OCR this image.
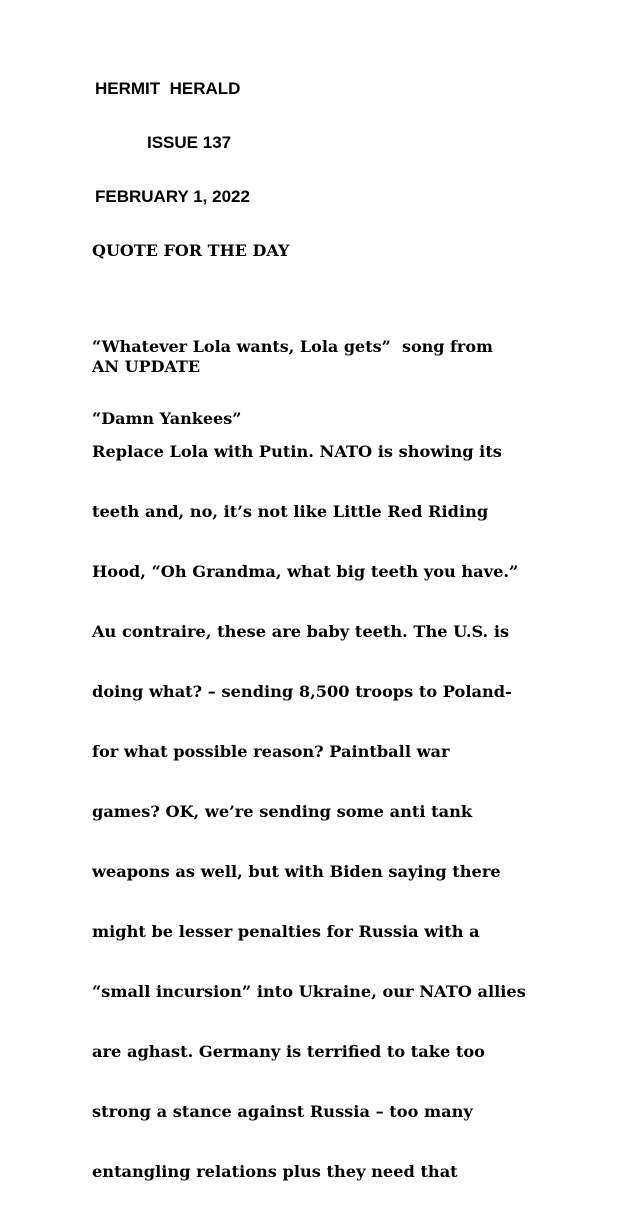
HERMIT  HERALD
ISSUE 137
FEBRUARY 1, 2022
QUOTE FOR THE DAY

“Whatever Lola wants, Lola gets”  song from

“Damn Yankees”

AN UPDATE

Replace Lola with Putin. NATO is showing its

teeth and, no, it’s not like Little Red Riding

Hood, “Oh Grandma, what big teeth you have.”

Au contraire, these are baby teeth. The U.S. is

doing what? – sending 8,500 troops to Poland-

for what possible reason? Paintball war

games? OK, we’re sending some anti tank

weapons as well, but with Biden saying there

might be lesser penalties for Russia with a

“small incursion” into Ukraine, our NATO allies

are aghast. Germany is terrified to take too

strong a stance against Russia – too many

entangling relations plus they need that
